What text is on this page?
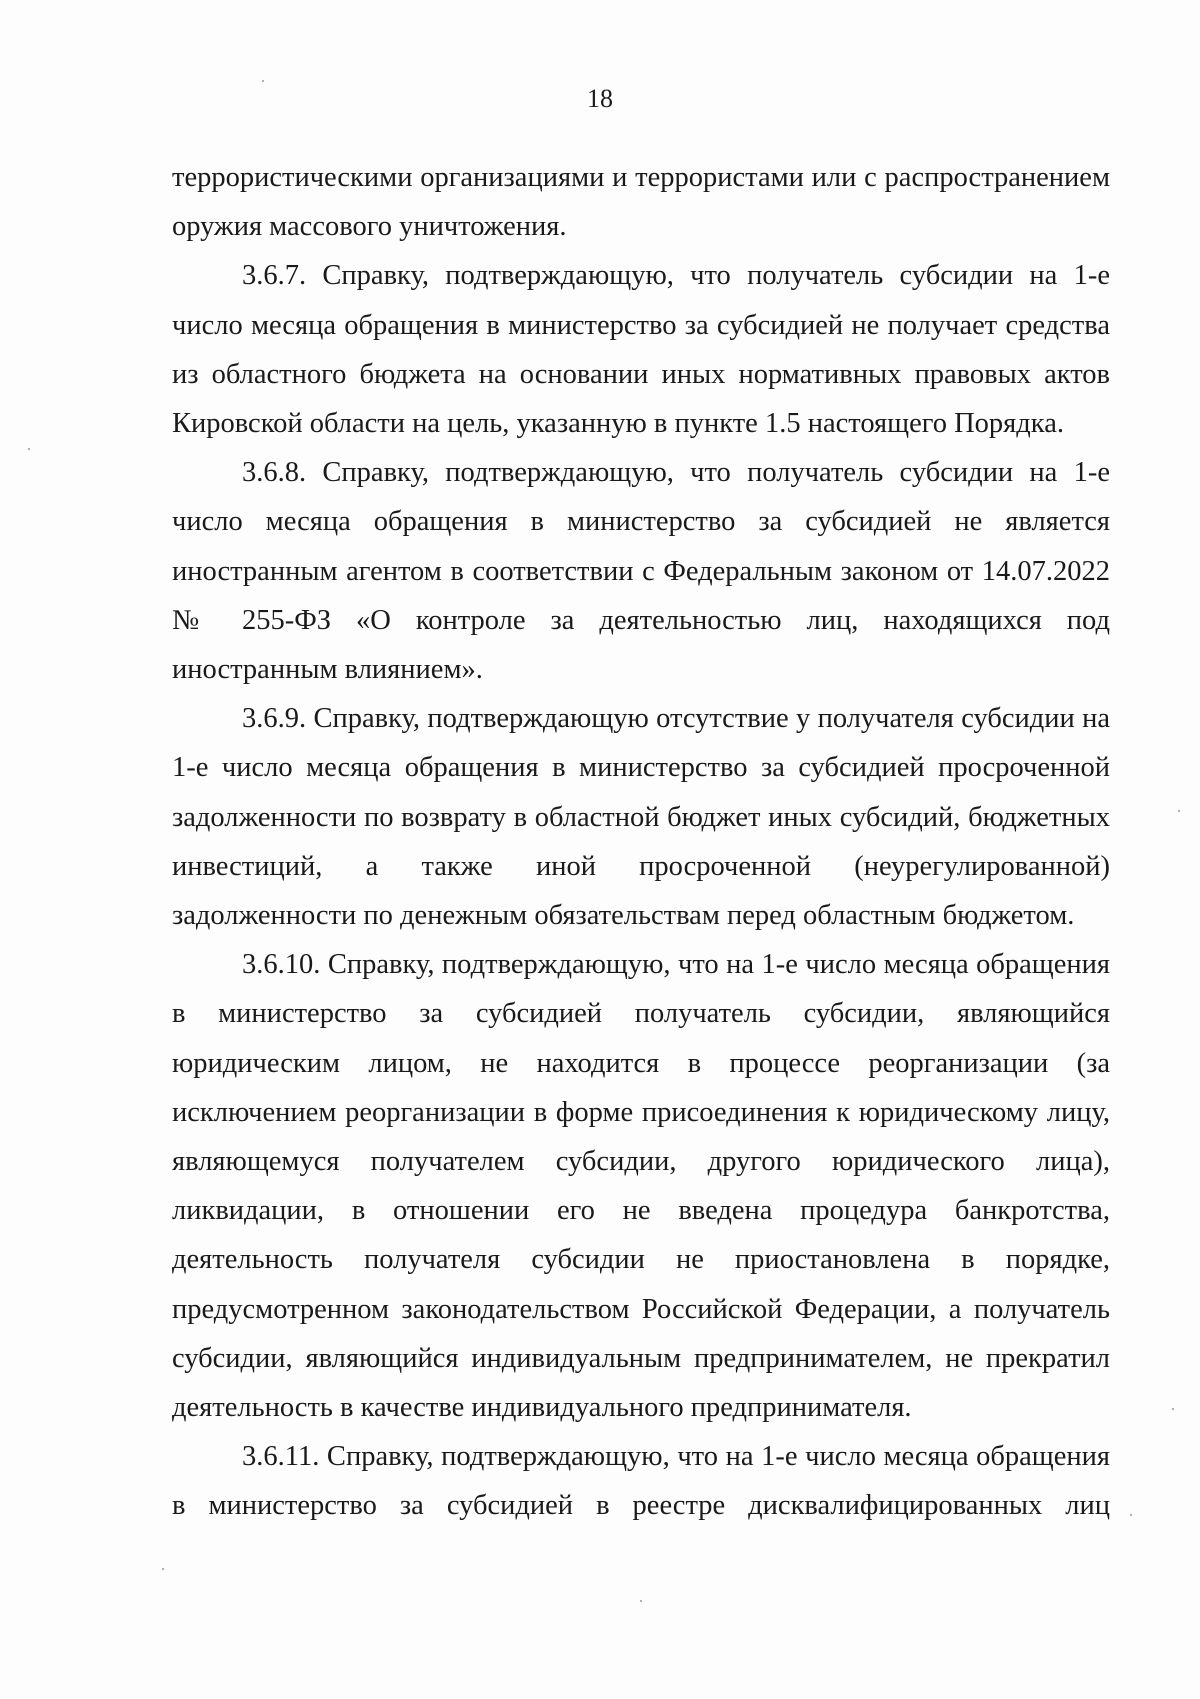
18

террористическими организациями и террористами или с распространением оружия массового уничтожения.

3.6.7. Справку, подтверждающую, что получатель субсидии на 1-е число месяца обращения в министерство за субсидией не получает средства из областного бюджета на основании иных нормативных правовых актов Кировской области на цель, указанную в пункте 1.5 настоящего Порядка.

3.6.8. Справку, подтверждающую, что получатель субсидии на 1-е число месяца обращения в министерство за субсидией не является иностранным агентом в соответствии с Федеральным законом от 14.07.2022 № 255-ФЗ «О контроле за деятельностью лиц, находящихся под иностранным влиянием».

3.6.9. Справку, подтверждающую отсутствие у получателя субсидии на 1-е число месяца обращения в министерство за субсидией просроченной задолженности по возврату в областной бюджет иных субсидий, бюджетных инвестиций, а также иной просроченной (неурегулированной) задолженности по денежным обязательствам перед областным бюджетом.

3.6.10. Справку, подтверждающую, что на 1-е число месяца обращения в министерство за субсидией получатель субсидии, являющийся юридическим лицом, не находится в процессе реорганизации (за исключением реорганизации в форме присоединения к юридическому лицу, являющемуся получателем субсидии, другого юридического лица), ликвидации, в отношении его не введена процедура банкротства, деятельность получателя субсидии не приостановлена в порядке, предусмотренном законодательством Российской Федерации, а получатель субсидии, являющийся индивидуальным предпринимателем, не прекратил деятельность в качестве индивидуального предпринимателя.

3.6.11. Справку, подтверждающую, что на 1-е число месяца обращения в министерство за субсидией в реестре дисквалифицированных лиц
